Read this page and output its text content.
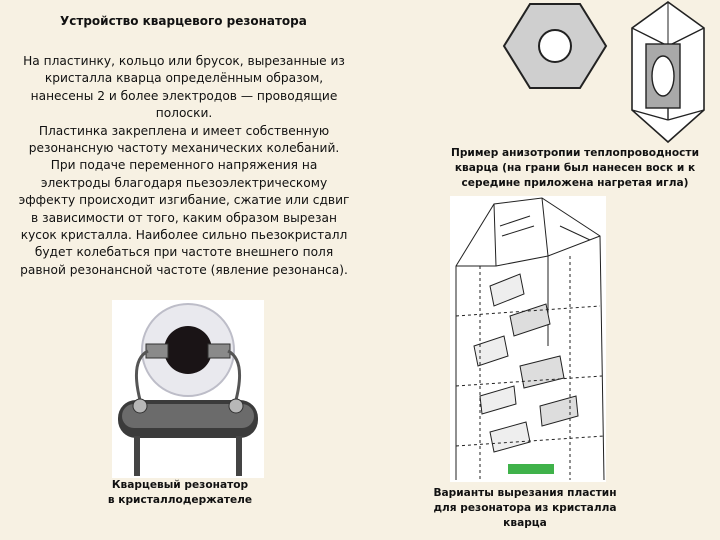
Устройство кварцевого резонатора
На пластинку, кольцо или брусок, вырезанные из
кристалла кварца определённым образом,
нанесены 2 и более электродов — проводящие
полоски.
Пластинка закреплена и имеет собственную
резонансную частоту механических колебаний.
При подаче переменного напряжения на
электроды благодаря пьезоэлектрическому
эффекту происходит изгибание, сжатие или сдвиг
в зависимости от того, каким образом вырезан
кусок кристалла. Наиболее сильно пьезокристалл
будет колебаться при частоте внешнего поля
равной резонансной частоте (явление резонанса).
Кварцевый резонатор
в кристаллодержателе
Пример анизотропии теплопроводности
кварца (на грани был нанесен воск и к
середине приложена нагретая игла)
Варианты вырезания пластин
для резонатора из кристалла
кварца
